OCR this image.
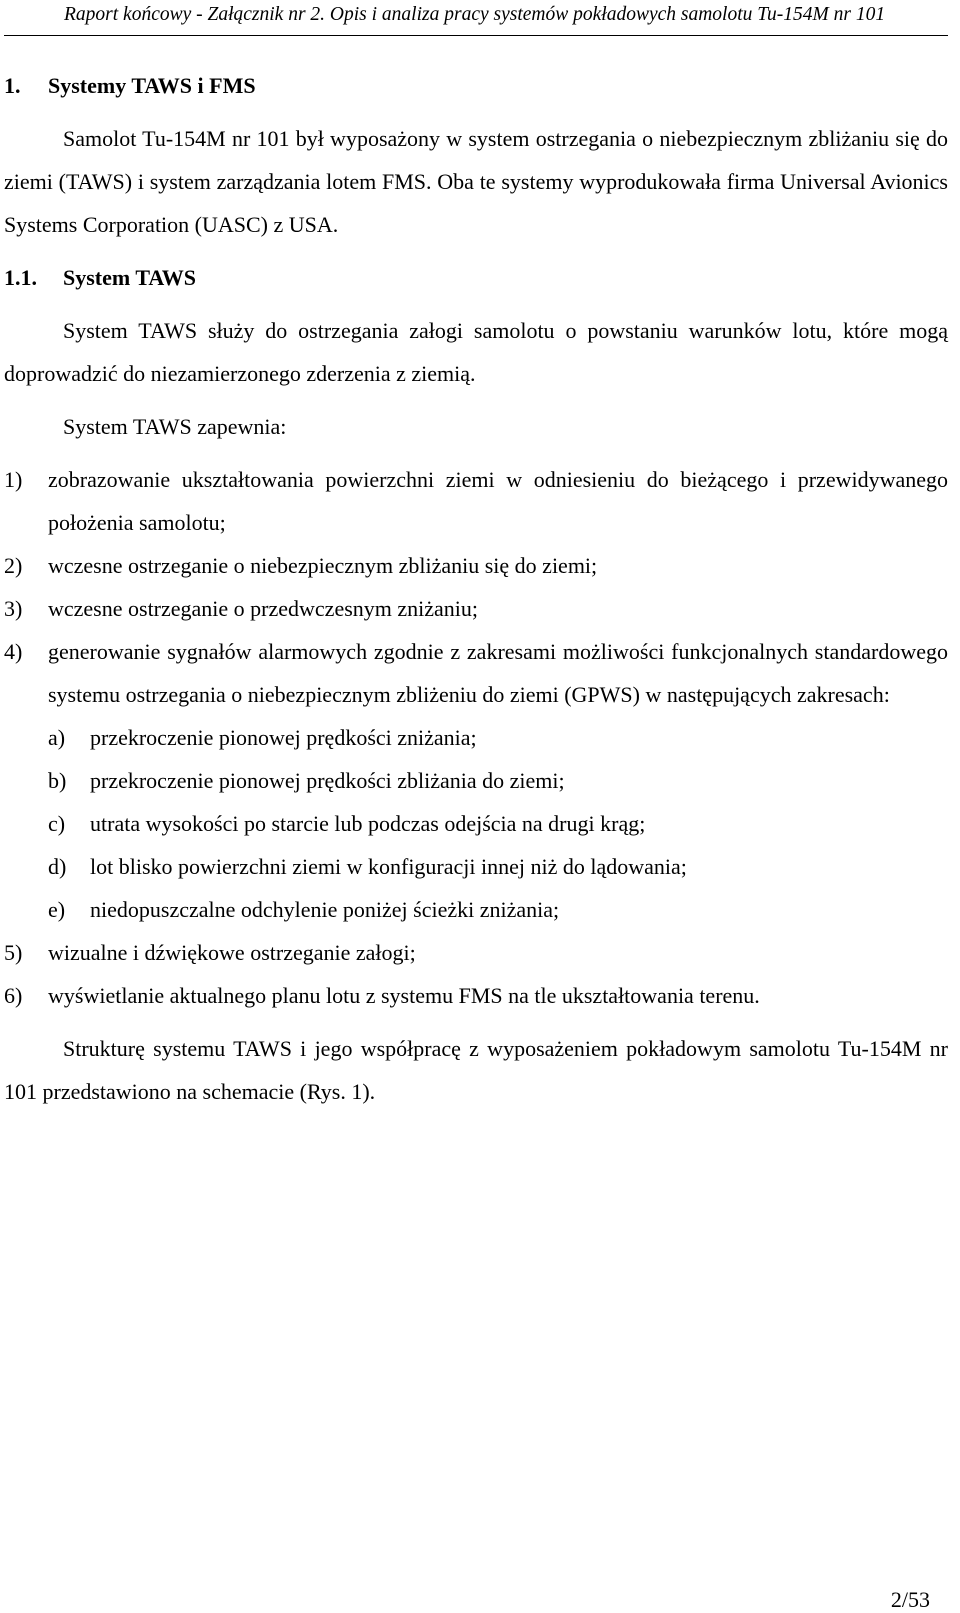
Raport końcowy - Załącznik nr 2. Opis i analiza pracy systemów pokładowych samolotu Tu-154M nr 101
1.	Systemy TAWS i FMS

Samolot Tu-154M nr 101 był wyposażony w system ostrzegania o niebezpiecznym zbliżaniu się do ziemi (TAWS) i system zarządzania lotem FMS. Oba te systemy wyprodukowała firma Universal Avionics Systems Corporation (UASC) z USA.

1.1.	System TAWS

System TAWS służy do ostrzegania załogi samolotu o powstaniu warunków lotu, które mogą doprowadzić do niezamierzonego zderzenia z ziemią.

System TAWS zapewnia:

1)	zobrazowanie ukształtowania powierzchni ziemi w odniesieniu do bieżącego i przewidywanego położenia samolotu;
2)	wczesne ostrzeganie o niebezpiecznym zbliżaniu się do ziemi;
3)	wczesne ostrzeganie o przedwczesnym zniżaniu;
4)	generowanie sygnałów alarmowych zgodnie z zakresami możliwości funkcjonalnych standardowego systemu ostrzegania o niebezpiecznym zbliżeniu do ziemi (GPWS) w następujących zakresach:
a)	przekroczenie pionowej prędkości zniżania;
b)	przekroczenie pionowej prędkości zbliżania do ziemi;
c)	utrata wysokości po starcie lub podczas odejścia na drugi krąg;
d)	lot blisko powierzchni ziemi w konfiguracji innej niż do lądowania;
e)	niedopuszczalne odchylenie poniżej ścieżki zniżania;
5)	wizualne i dźwiękowe ostrzeganie załogi;
6)	wyświetlanie aktualnego planu lotu z systemu FMS na tle ukształtowania terenu.

Strukturę systemu TAWS i jego współpracę z wyposażeniem pokładowym samolotu Tu-154M nr 101 przedstawiono na schemacie (Rys. 1).

2/53
